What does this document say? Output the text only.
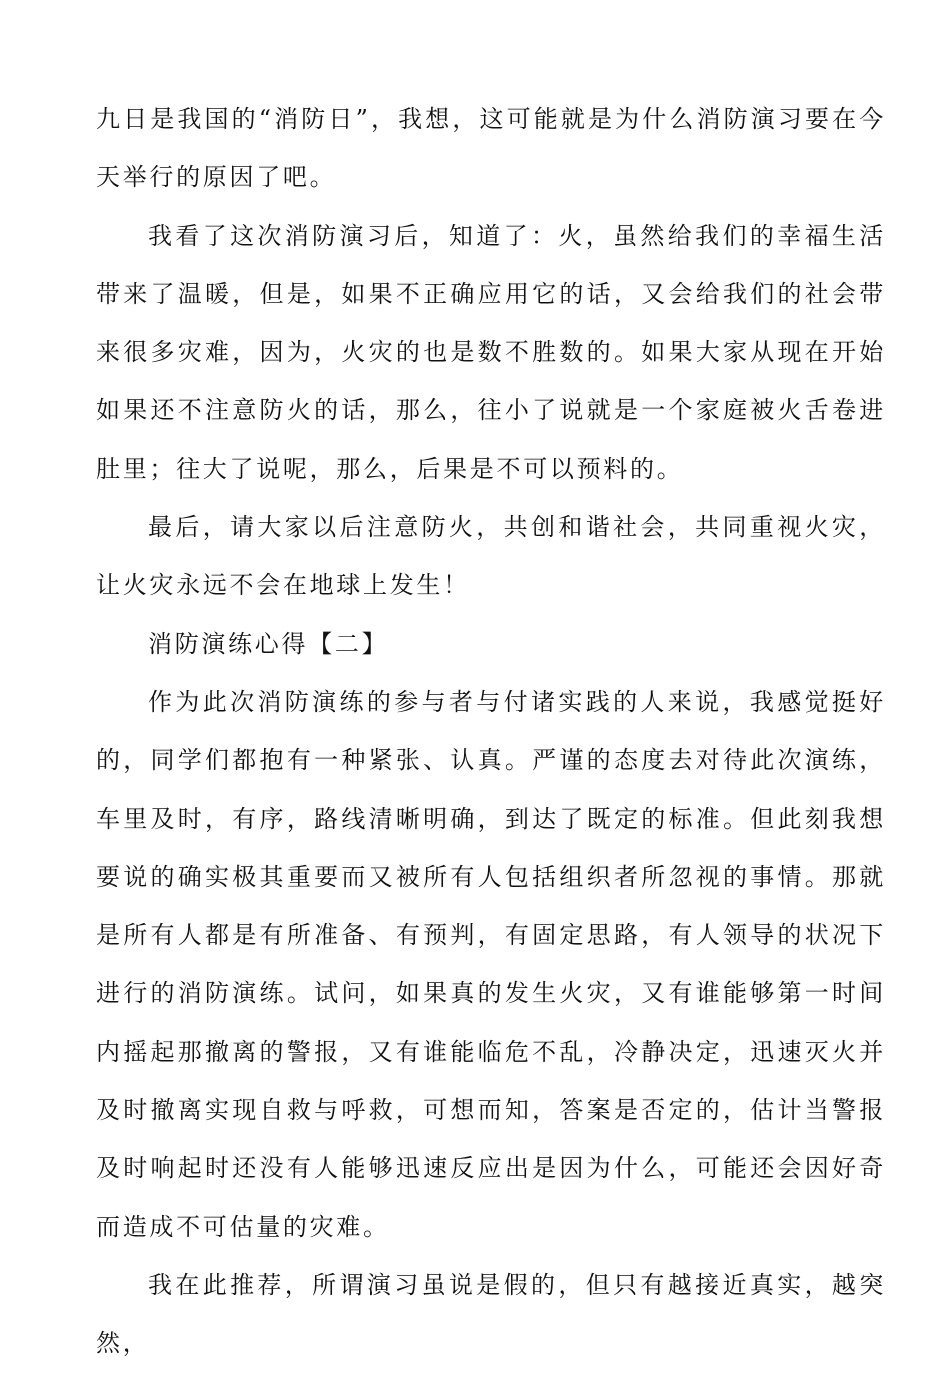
九日是我国的“消防日”，我想，这可能就是为什么消防演习要在今天举行的原因了吧。

我看了这次消防演习后，知道了：火，虽然给我们的幸福生活带来了温暖，但是，如果不正确应用它的话，又会给我们的社会带来很多灾难，因为，火灾的也是数不胜数的。如果大家从现在开始如果还不注意防火的话，那么，往小了说就是一个家庭被火舌卷进肚里；往大了说呢，那么，后果是不可以预料的。

最后，请大家以后注意防火，共创和谐社会，共同重视火灾，让火灾永远不会在地球上发生！

消防演练心得【二】

作为此次消防演练的参与者与付诸实践的人来说，我感觉挺好的，同学们都抱有一种紧张、认真。严谨的态度去对待此次演练，车里及时，有序，路线清晰明确，到达了既定的标准。但此刻我想要说的确实极其重要而又被所有人包括组织者所忽视的事情。那就是所有人都是有所准备、有预判，有固定思路，有人领导的状况下进行的消防演练。试问，如果真的发生火灾，又有谁能够第一时间内摇起那撤离的警报，又有谁能临危不乱，冷静决定，迅速灭火并及时撤离实现自救与呼救，可想而知，答案是否定的，估计当警报及时响起时还没有人能够迅速反应出是因为什么，可能还会因好奇而造成不可估量的灾难。

我在此推荐，所谓演习虽说是假的，但只有越接近真实，越突然，
